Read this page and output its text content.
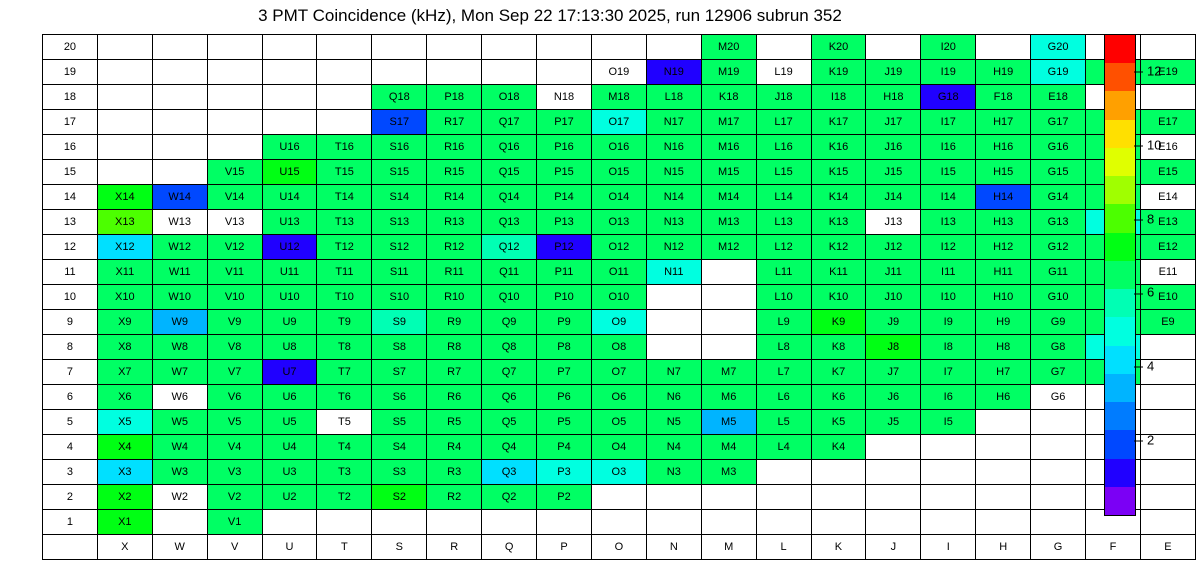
3 PMT Coincidence (kHz), Mon Sep 22 17:13:30 2025, run 12906 subrun 352
20												M20		K20		I20		G20		
19										O19	N19	M19	L19	K19	J19	I19	H19	G19		E19
18						Q18	P18	O18	N18	M18	L18	K18	J18	I18	H18	G18	F18	E18		
17						S17	R17	Q17	P17	O17	N17	M17	L17	K17	J17	I17	H17	G17		E17
16				U16	T16	S16	R16	Q16	P16	O16	N16	M16	L16	K16	J16	I16	H16	G16		E16
15			V15	U15	T15	S15	R15	Q15	P15	O15	N15	M15	L15	K15	J15	I15	H15	G15		E15
14	X14	W14	V14	U14	T14	S14	R14	Q14	P14	O14	N14	M14	L14	K14	J14	I14	H14	G14		E14
13	X13	W13	V13	U13	T13	S13	R13	Q13	P13	O13	N13	M13	L13	K13	J13	I13	H13	G13		E13
12	X12	W12	V12	U12	T12	S12	R12	Q12	P12	O12	N12	M12	L12	K12	J12	I12	H12	G12		E12
11	X11	W11	V11	U11	T11	S11	R11	Q11	P11	O11	N11		L11	K11	J11	I11	H11	G11		E11
10	X10	W10	V10	U10	T10	S10	R10	Q10	P10	O10			L10	K10	J10	I10	H10	G10		E10
9	X9	W9	V9	U9	T9	S9	R9	Q9	P9	O9			L9	K9	J9	I9	H9	G9		E9
8	X8	W8	V8	U8	T8	S8	R8	Q8	P8	O8			L8	K8	J8	I8	H8	G8		
7	X7	W7	V7	U7	T7	S7	R7	Q7	P7	O7	N7	M7	L7	K7	J7	I7	H7	G7		
6	X6	W6	V6	U6	T6	S6	R6	Q6	P6	O6	N6	M6	L6	K6	J6	I6	H6	G6		
5	X5	W5	V5	U5	T5	S5	R5	Q5	P5	O5	N5	M5	L5	K5	J5	I5				
4	X4	W4	V4	U4	T4	S4	R4	Q4	P4	O4	N4	M4	L4	K4						
3	X3	W3	V3	U3	T3	S3	R3	Q3	P3	O3	N3	M3								
2	X2	W2	V2	U2	T2	S2	R2	Q2	P2											
1	X1		V1																	
	X	W	V	U	T	S	R	Q	P	O	N	M	L	K	J	I	H	G	F	E
2
4
6
8
10
12
